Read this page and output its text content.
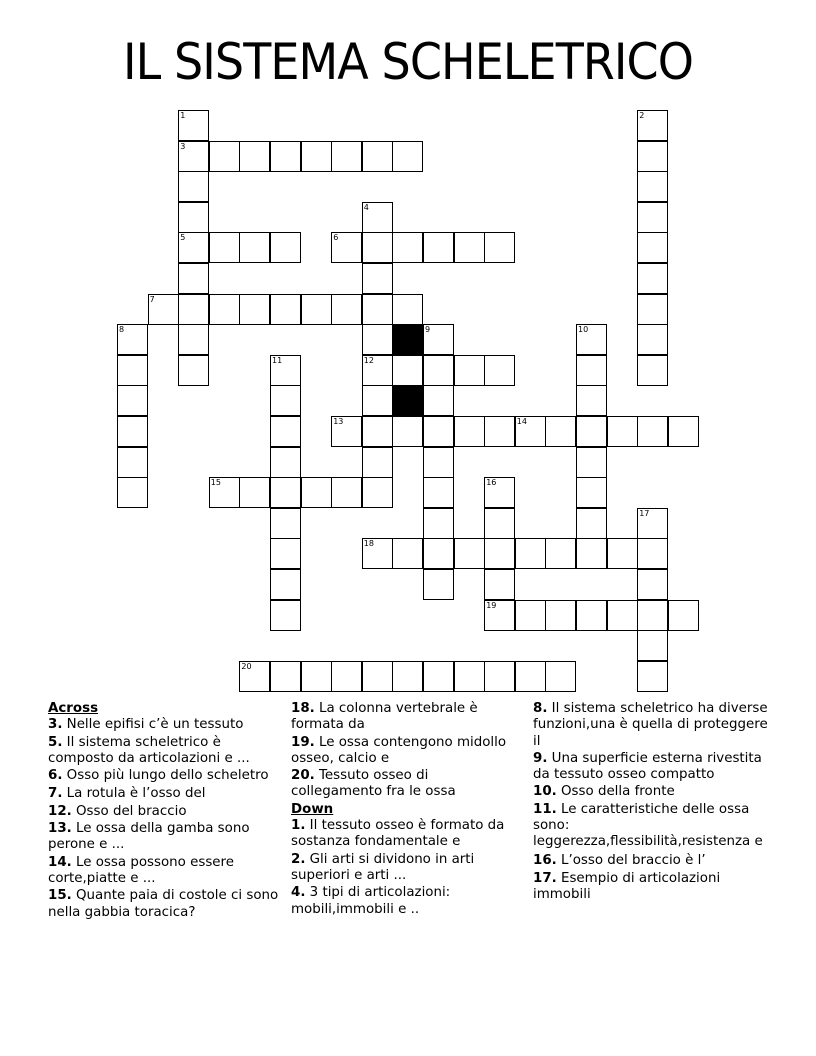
IL SISTEMA SCHELETRICO
1	2
3
4
5	6
7
8	9	10
11	12
13	14
15	16
17
18
19
20
Across
3. Nelle epifisi c’è un tessuto
5. Il sistema scheletrico è composto da articolazioni e ...
6. Osso più lungo dello scheletro
7. La rotula è l’osso del
12. Osso del braccio
13. Le ossa della gamba sono perone e ...
14. Le ossa possono essere corte,piatte e ...
15. Quante paia di costole ci sono nella gabbia toracica?
18. La colonna vertebrale è formata da
19. Le ossa contengono midollo osseo, calcio e
20. Tessuto osseo di collegamento fra le ossa
Down
1. Il tessuto osseo è formato da sostanza fondamentale e
2. Gli arti si dividono in arti superiori e arti ...
4. 3 tipi di articolazioni: mobili,immobili e ..
8. Il sistema scheletrico ha diverse funzioni,una è quella di proteggere il
9. Una superficie esterna rivestita da tessuto osseo compatto
10. Osso della fronte
11. Le caratteristiche delle ossa sono: leggerezza,flessibilità,resistenza e
16. L’osso del braccio è l’
17. Esempio di articolazioni immobili
